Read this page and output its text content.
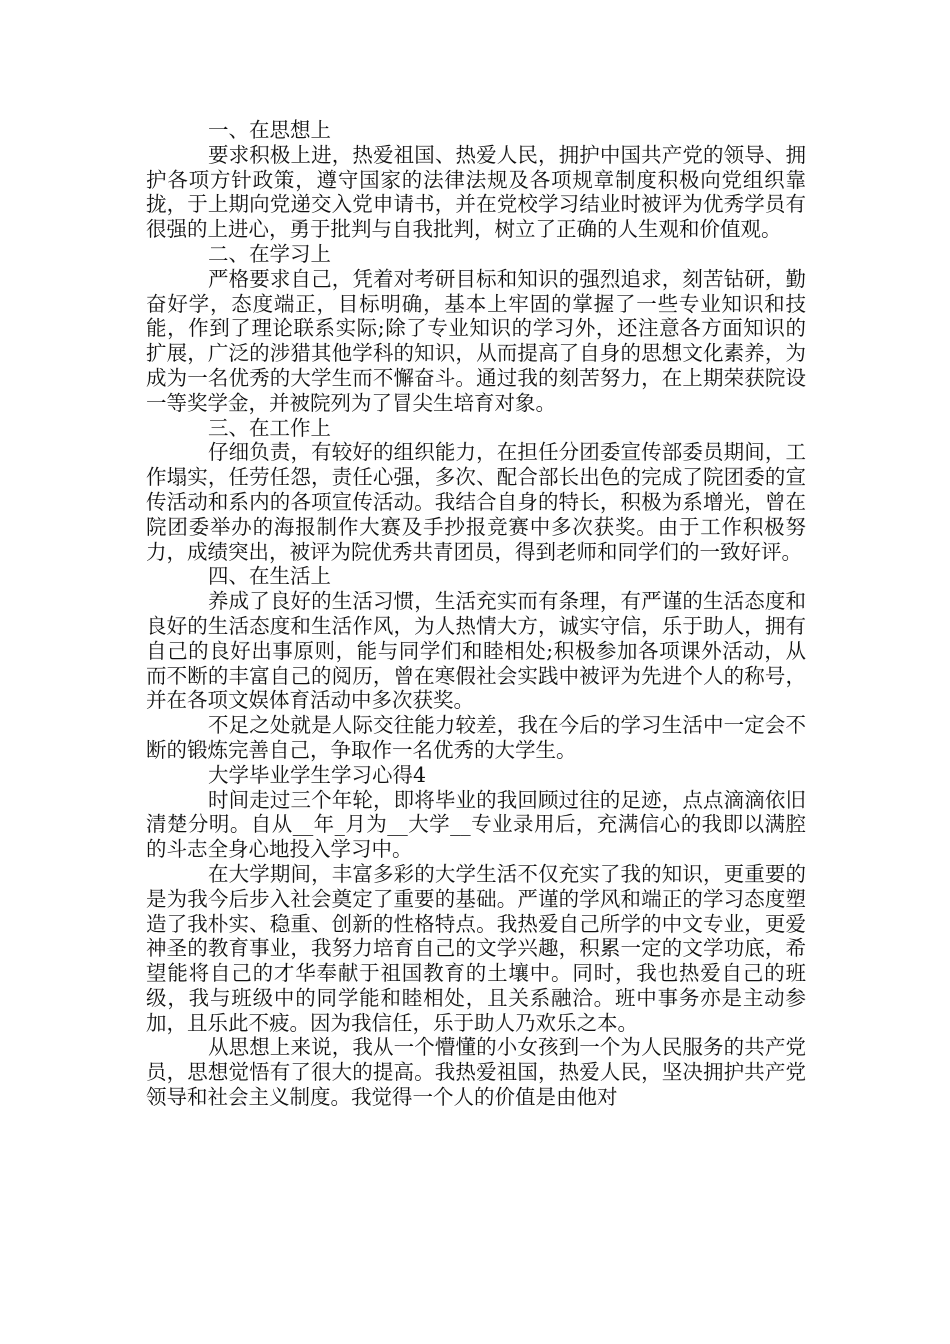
一、在思想上

要求积极上进，热爱祖国、热爱人民，拥护中国共产党的领导、拥护各项方针政策，遵守国家的法律法规及各项规章制度积极向党组织靠拢，于上期向党递交入党申请书，并在党校学习结业时被评为优秀学员有很强的上进心，勇于批判与自我批判，树立了正确的人生观和价值观。

二、在学习上

严格要求自己，凭着对考研目标和知识的强烈追求，刻苦钻研，勤奋好学，态度端正，目标明确，基本上牢固的掌握了一些专业知识和技能，作到了理论联系实际;除了专业知识的学习外，还注意各方面知识的扩展，广泛的涉猎其他学科的知识，从而提高了自身的思想文化素养，为成为一名优秀的大学生而不懈奋斗。通过我的刻苦努力，在上期荣获院设一等奖学金，并被院列为了冒尖生培育对象。

三、在工作上

仔细负责，有较好的组织能力，在担任分团委宣传部委员期间，工作塌实，任劳任怨，责任心强，多次、配合部长出色的完成了院团委的宣传活动和系内的各项宣传活动。我结合自身的特长，积极为系增光，曾在院团委举办的海报制作大赛及手抄报竞赛中多次获奖。由于工作积极努力，成绩突出，被评为院优秀共青团员，得到老师和同学们的一致好评。

四、在生活上

养成了良好的生活习惯，生活充实而有条理，有严谨的生活态度和良好的生活态度和生活作风，为人热情大方，诚实守信，乐于助人，拥有自己的良好出事原则，能与同学们和睦相处;积极参加各项课外活动，从而不断的丰富自己的阅历，曾在寒假社会实践中被评为先进个人的称号，并在各项文娱体育活动中多次获奖。

不足之处就是人际交往能力较差，我在今后的学习生活中一定会不断的锻炼完善自己，争取作一名优秀的大学生。

大学毕业学生学习心得4

时间走过三个年轮，即将毕业的我回顾过往的足迹，点点滴滴依旧清楚分明。自从__年_月为__大学__专业录用后，充满信心的我即以满腔的斗志全身心地投入学习中。

在大学期间，丰富多彩的大学生活不仅充实了我的知识，更重要的是为我今后步入社会奠定了重要的基础。严谨的学风和端正的学习态度塑造了我朴实、稳重、创新的性格特点。我热爱自己所学的中文专业，更爱神圣的教育事业，我努力培育自己的文学兴趣，积累一定的文学功底，希望能将自己的才华奉献于祖国教育的土壤中。同时，我也热爱自己的班级，我与班级中的同学能和睦相处，且关系融洽。班中事务亦是主动参加，且乐此不疲。因为我信任，乐于助人乃欢乐之本。

从思想上来说，我从一个懵懂的小女孩到一个为人民服务的共产党员，思想觉悟有了很大的提高。我热爱祖国，热爱人民，坚决拥护共产党领导和社会主义制度。我觉得一个人的价值是由他对
